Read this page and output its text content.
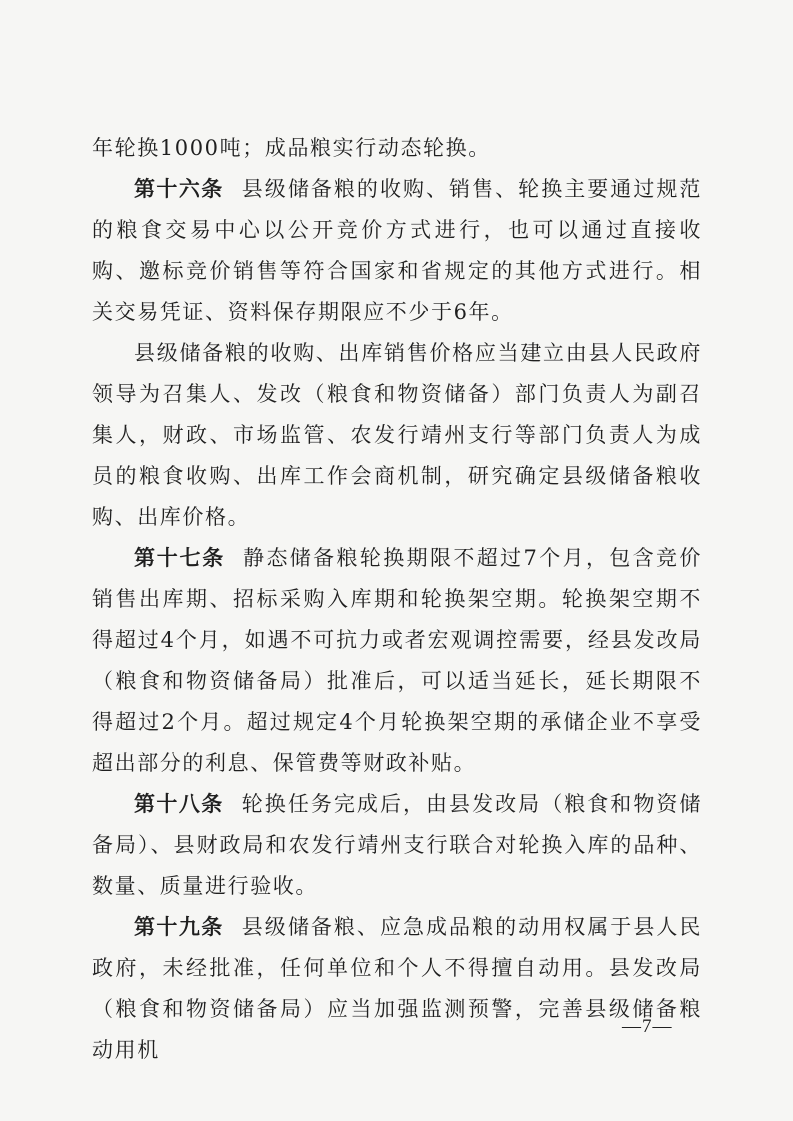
年轮换1000吨；成品粮实行动态轮换。

第十六条 县级储备粮的收购、销售、轮换主要通过规范的粮食交易中心以公开竞价方式进行，也可以通过直接收购、邀标竞价销售等符合国家和省规定的其他方式进行。相关交易凭证、资料保存期限应不少于6年。

县级储备粮的收购、出库销售价格应当建立由县人民政府领导为召集人、发改（粮食和物资储备）部门负责人为副召集人，财政、市场监管、农发行靖州支行等部门负责人为成员的粮食收购、出库工作会商机制，研究确定县级储备粮收购、出库价格。

第十七条 静态储备粮轮换期限不超过7个月，包含竞价销售出库期、招标采购入库期和轮换架空期。轮换架空期不得超过4个月，如遇不可抗力或者宏观调控需要，经县发改局（粮食和物资储备局）批准后，可以适当延长，延长期限不得超过2个月。超过规定4个月轮换架空期的承储企业不享受超出部分的利息、保管费等财政补贴。

第十八条 轮换任务完成后，由县发改局（粮食和物资储备局）、县财政局和农发行靖州支行联合对轮换入库的品种、数量、质量进行验收。

第十九条 县级储备粮、应急成品粮的动用权属于县人民政府，未经批准，任何单位和个人不得擅自动用。县发改局（粮食和物资储备局）应当加强监测预警，完善县级储备粮动用机

—7—
